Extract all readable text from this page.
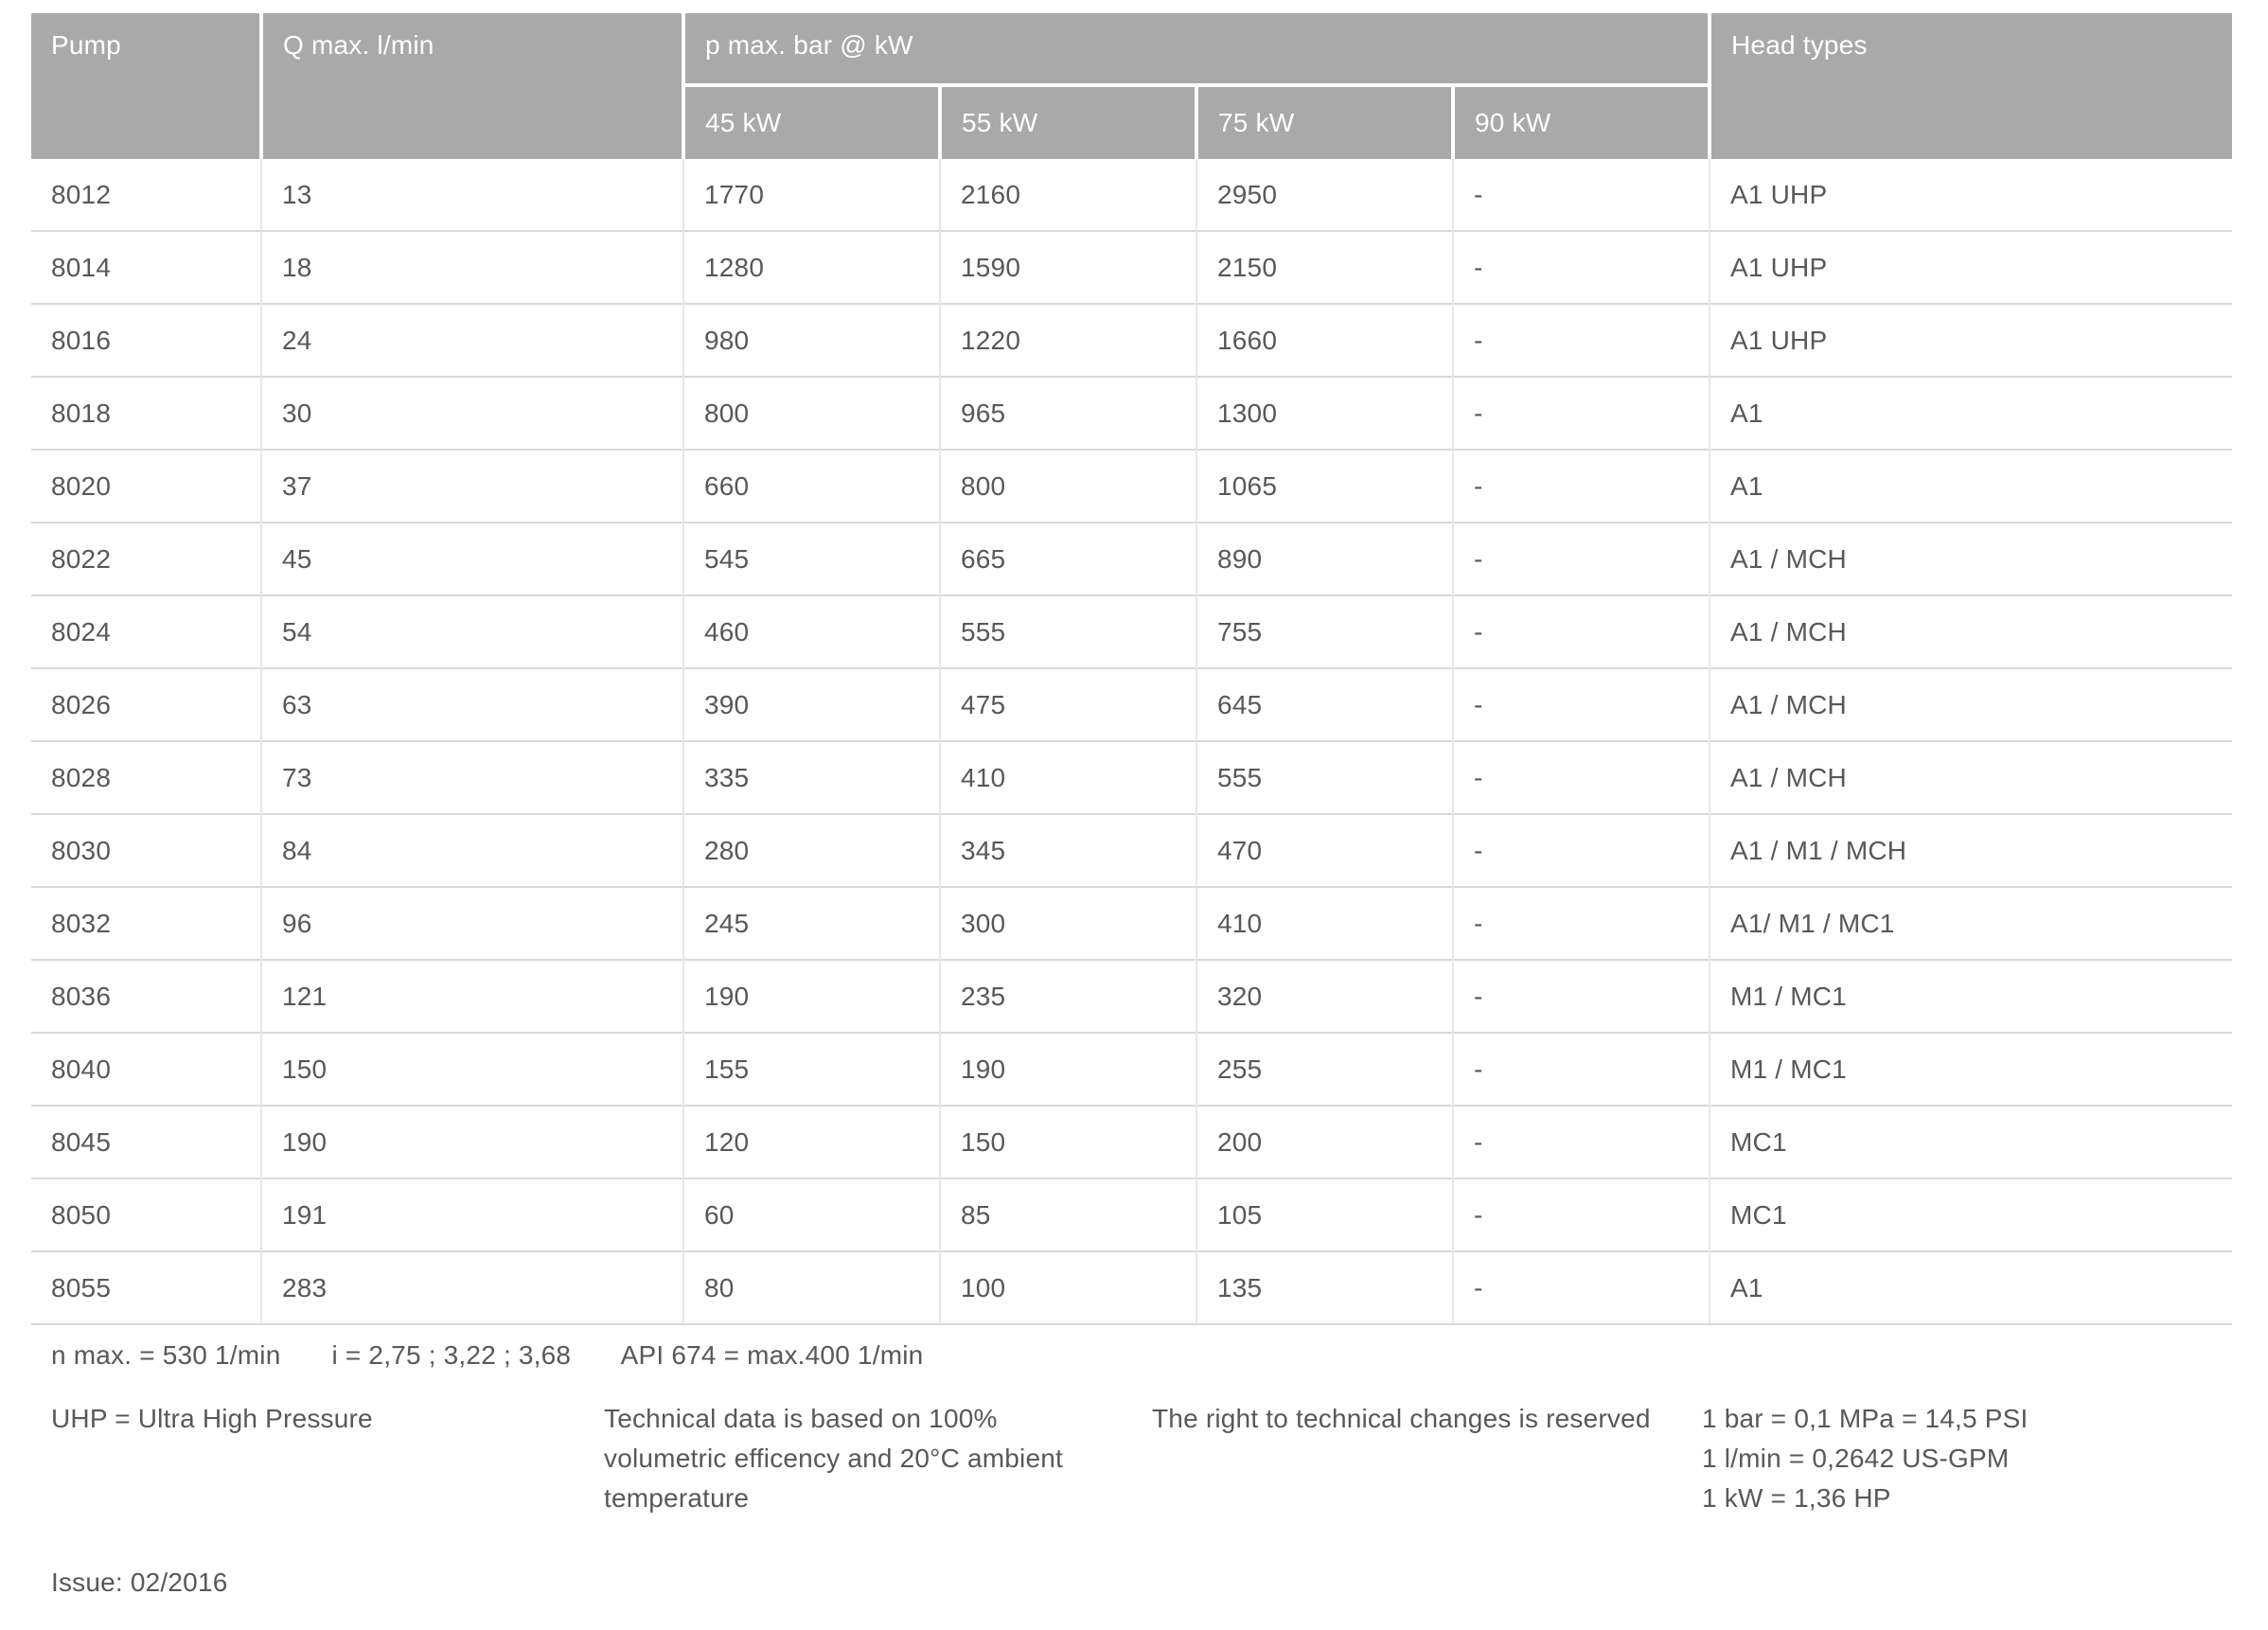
Pump	Q max. l/min	p max. bar @ kW				Head types
		45 kW	55 kW	75 kW	90 kW	
8012	13	1770	2160	2950	-	A1 UHP
8014	18	1280	1590	2150	-	A1 UHP
8016	24	980	1220	1660	-	A1 UHP
8018	30	800	965	1300	-	A1
8020	37	660	800	1065	-	A1
8022	45	545	665	890	-	A1 / MCH
8024	54	460	555	755	-	A1 / MCH
8026	63	390	475	645	-	A1 / MCH
8028	73	335	410	555	-	A1 / MCH
8030	84	280	345	470	-	A1 / M1 / MCH
8032	96	245	300	410	-	A1/ M1 / MC1
8036	121	190	235	320	-	M1 / MC1
8040	150	155	190	255	-	M1 / MC1
8045	190	120	150	200	-	MC1
8050	191	60	85	105	-	MC1
8055	283	80	100	135	-	A1
n max. = 530 1/min i = 2,75 ; 3,22 ; 3,68 API 674 = max.400 1/min
UHP = Ultra High Pressure	Technical data is based on 100% volumetric efficency and 20°C ambient temperature
The right to technical changes is reserved	1 bar = 0,1 MPa = 14,5 PSI
1 l/min = 0,2642 US-GPM
1 kW = 1,36 HP
Issue: 02/2016
